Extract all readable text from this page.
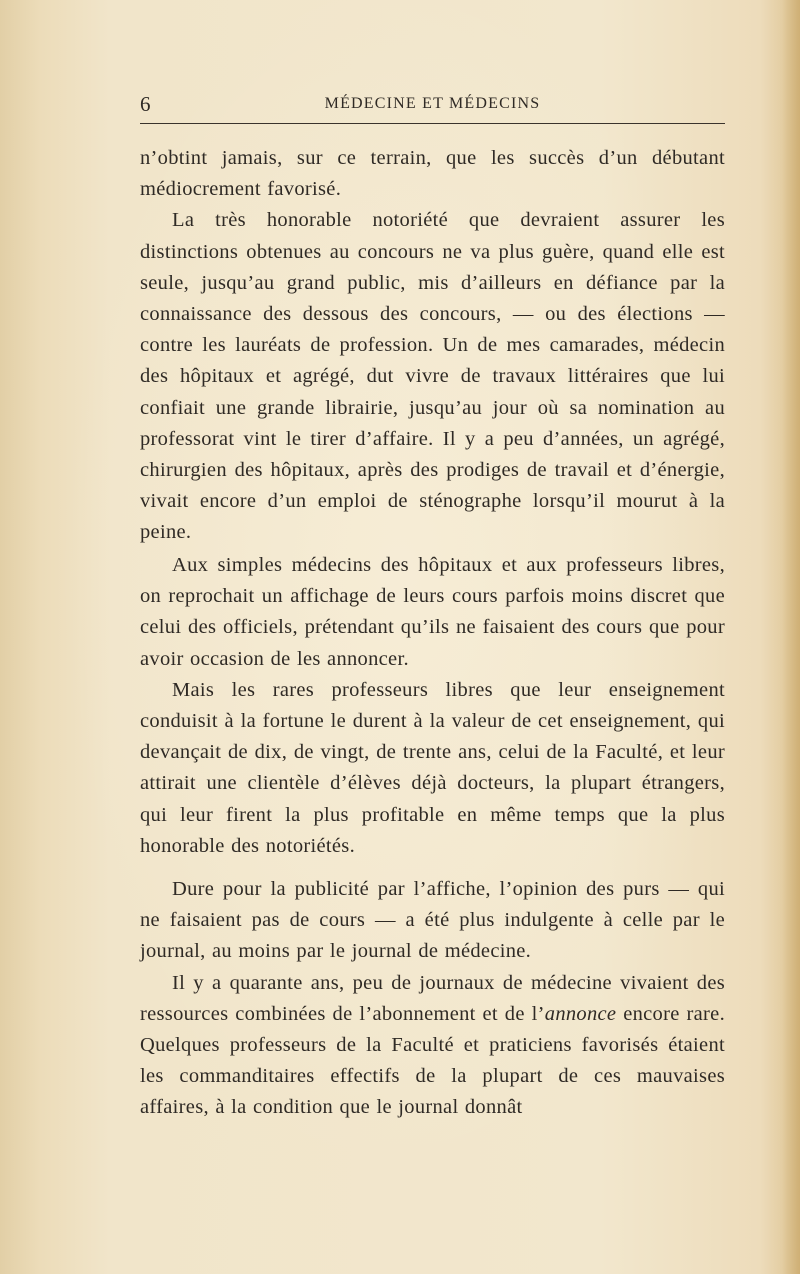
6	MÉDECINE ET MÉDECINS

n’obtint jamais, sur ce terrain, que les succès d’un débutant médiocrement favorisé.

La très honorable notoriété que devraient assurer les distinctions obtenues au concours ne va plus guère, quand elle est seule, jusqu’au grand public, mis d’ailleurs en défiance par la connaissance des dessous des concours, — ou des élections — contre les lauréats de profession. Un de mes camarades, médecin des hôpitaux et agrégé, dut vivre de travaux littéraires que lui confiait une grande librairie, jusqu’au jour où sa nomination au professorat vint le tirer d’affaire. Il y a peu d’années, un agrégé, chirurgien des hôpitaux, après des prodiges de travail et d’énergie, vivait encore d’un emploi de sténographe lorsqu’il mourut à la peine.

Aux simples médecins des hôpitaux et aux professeurs libres, on reprochait un affichage de leurs cours parfois moins discret que celui des officiels, prétendant qu’ils ne faisaient des cours que pour avoir occasion de les annoncer.

Mais les rares professeurs libres que leur enseignement conduisit à la fortune le durent à la valeur de cet enseignement, qui devançait de dix, de vingt, de trente ans, celui de la Faculté, et leur attirait une clientèle d’élèves déjà docteurs, la plupart étrangers, qui leur firent la plus profitable en même temps que la plus honorable des notoriétés.

Dure pour la publicité par l’affiche, l’opinion des purs — qui ne faisaient pas de cours — a été plus indulgente à celle par le journal, au moins par le journal de médecine.

Il y a quarante ans, peu de journaux de médecine vivaient des ressources combinées de l’abonnement et de l’annonce encore rare. Quelques professeurs de la Faculté et praticiens favorisés étaient les commanditaires effectifs de la plupart de ces mauvaises affaires, à la condition que le journal donnât
